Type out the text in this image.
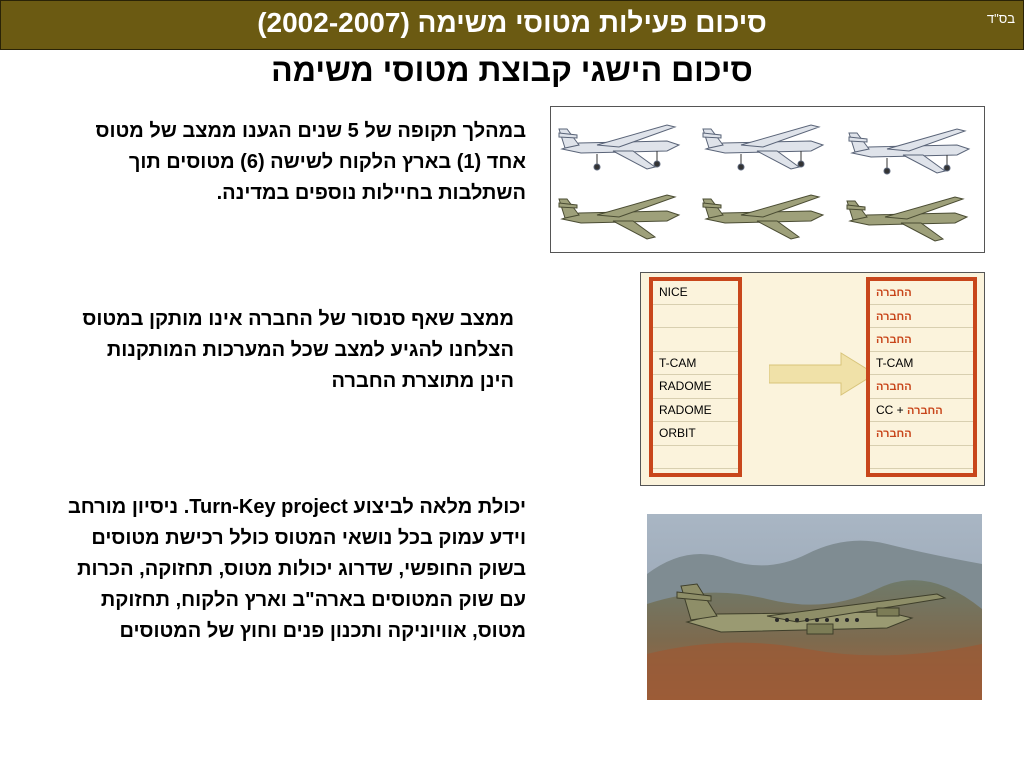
סיכום פעילות מטוסי משימה (2002-2007)	בס"ד
סיכום הישגי קבוצת מטוסי משימה
במהלך תקופה של 5 שנים הגענו ממצב של מטוס אחד (1) בארץ הלקוח לשישה (6) מטוסים תוך השתלבות בחיילות נוספים במדינה.
ממצב שאף סנסור של החברה אינו מותקן במטוס הצלחנו להגיע למצב שכל המערכות המותקנות הינן מתוצרת החברה
יכולת מלאה לביצוע Turn-Key project. ניסיון מורחב וידע עמוק בכל נושאי המטוס כולל רכישת מטוסים בשוק החופשי, שדרוג יכולות מטוס, תחזוקה, הכרות עם שוק המטוסים בארה"ב וארץ הלקוח, תחזוקת מטוס, אוויוניקה ותכנון פנים וחוץ של המטוסים
NICE
T-CAM
RADOME
RADOME
ORBIT
החברה
החברה
החברה
T-CAM
החברה
החברה CC +
החברה
